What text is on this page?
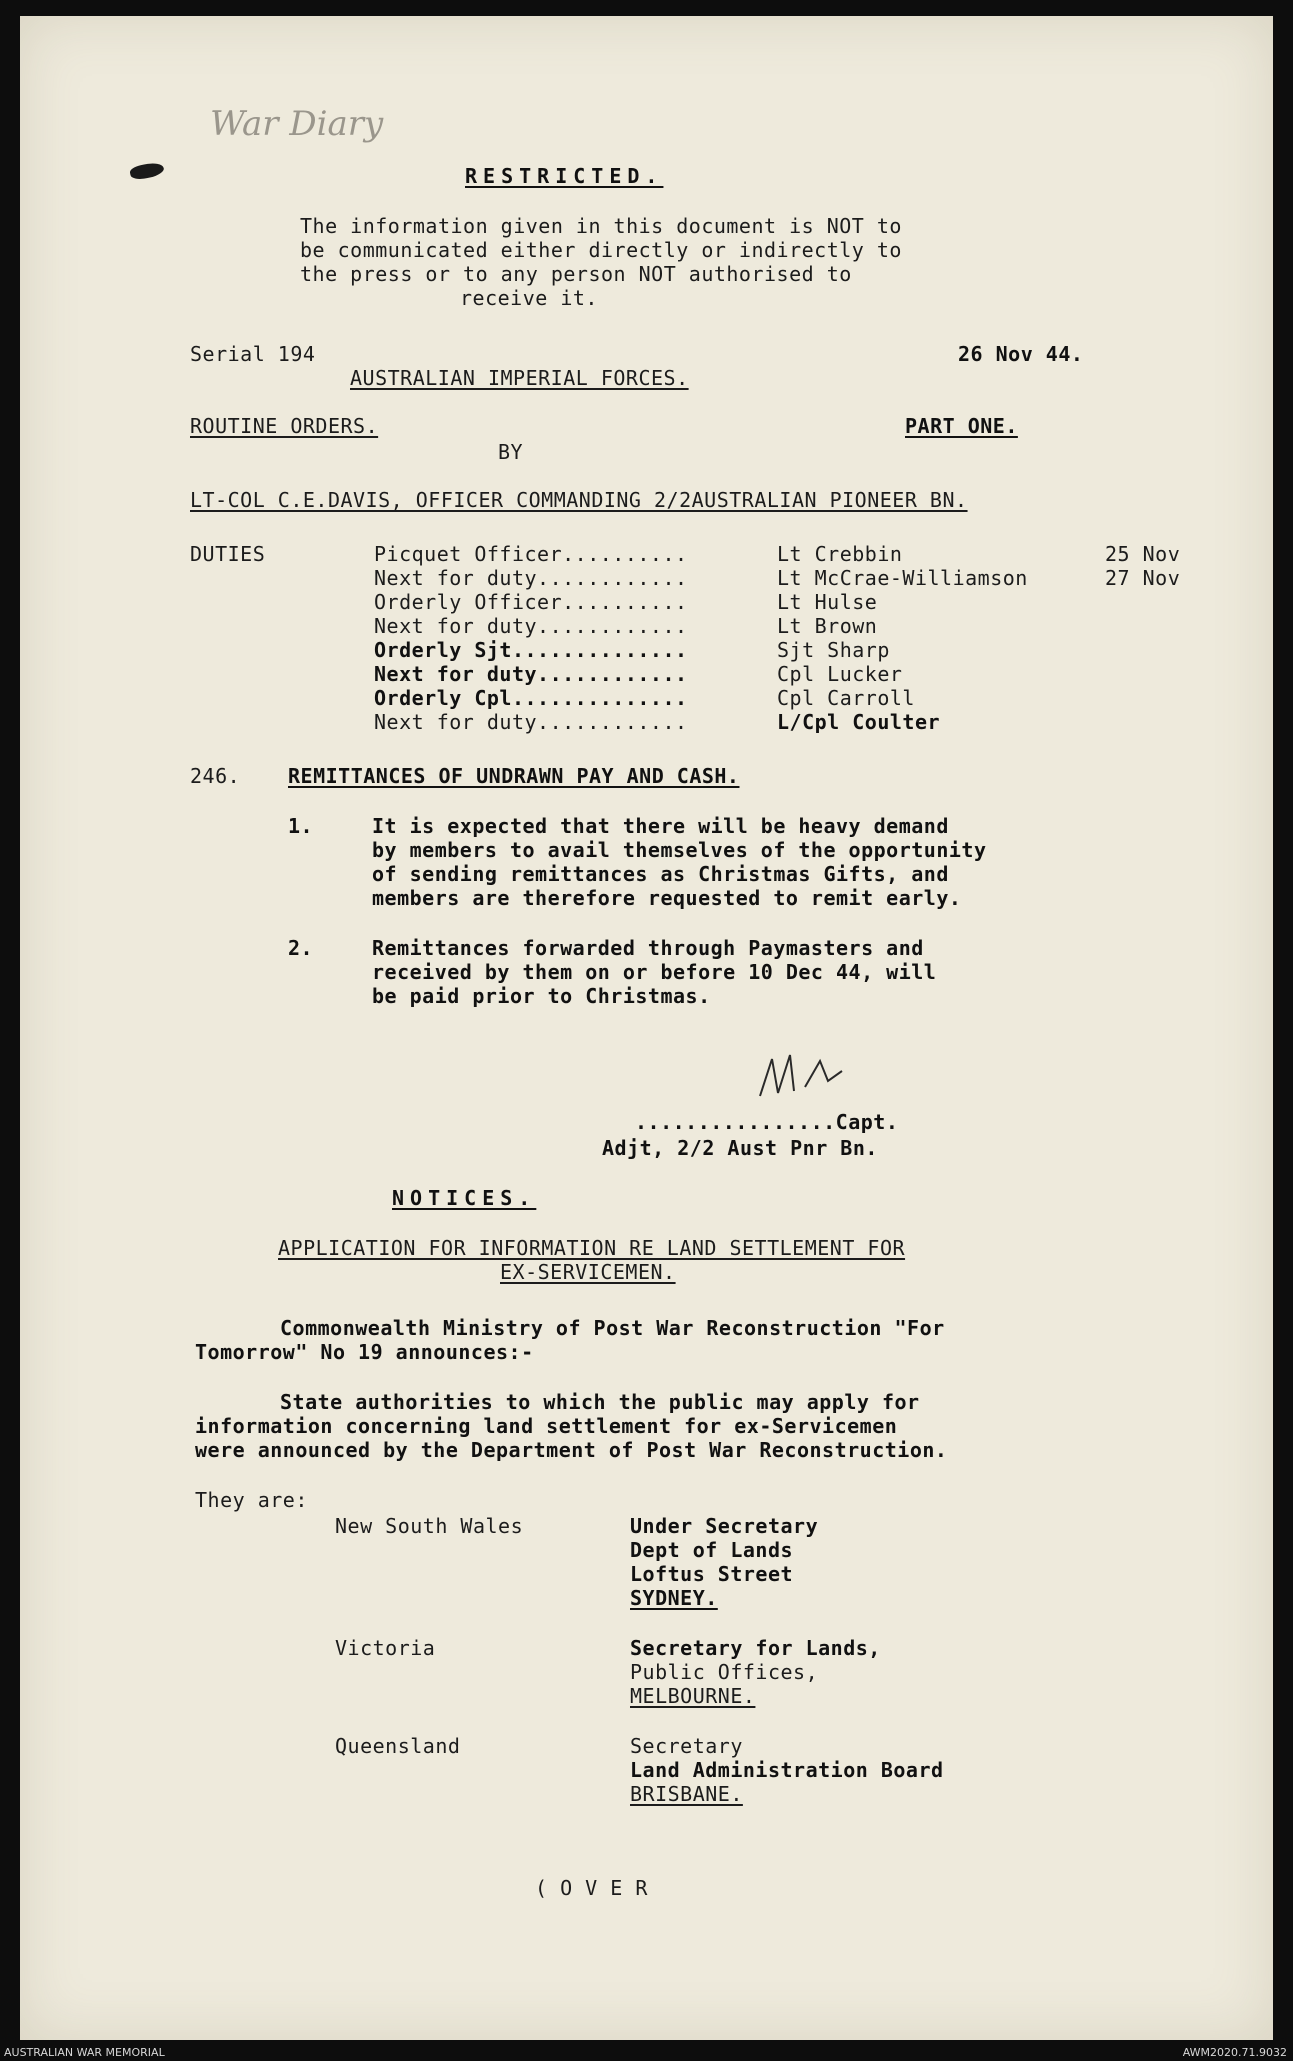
War Diary
RESTRICTED.
The information given in this document is NOT to
be communicated either directly or indirectly to
the press or to any person NOT authorised to
receive it.
Serial 194	26 Nov 44.
AUSTRALIAN IMPERIAL FORCES.
ROUTINE ORDERS.	PART ONE.
BY
LT-COL C.E.DAVIS, OFFICER COMMANDING 2/2AUSTRALIAN PIONEER BN.
DUTIES	Picquet Officer..........	Lt Crebbin	25 Nov
Next for duty............	Lt McCrae-Williamson	27 Nov
Orderly Officer..........	Lt Hulse
Next for duty............	Lt Brown
Orderly Sjt..............	Sjt Sharp
Next for duty............	Cpl Lucker
Orderly Cpl..............	Cpl Carroll
Next for duty............	L/Cpl Coulter
246. REMITTANCES OF UNDRAWN PAY AND CASH.
1.	It is expected that there will be heavy demand
by members to avail themselves of the opportunity
of sending remittances as Christmas Gifts, and
members are therefore requested to remit early.
2.	Remittances forwarded through Paymasters and
received by them on or before 10 Dec 44, will
be paid prior to Christmas.
................Capt.
Adjt, 2/2 Aust Pnr Bn.
NOTICES.
APPLICATION FOR INFORMATION RE LAND SETTLEMENT FOR
EX-SERVICEMEN.
Commonwealth Ministry of Post War Reconstruction "For
Tomorrow" No 19 announces:-
State authorities to which the public may apply for
information concerning land settlement for ex-Servicemen
were announced by the Department of Post War Reconstruction.
They are:
New South Wales	Under Secretary
Dept of Lands
Loftus Street
SYDNEY.
Victoria	Secretary for Lands,
Public Offices,
MELBOURNE.
Queensland	Secretary
Land Administration Board
BRISBANE.
( O V E R
AUSTRALIAN WAR MEMORIAL	AWM2020.71.9032
